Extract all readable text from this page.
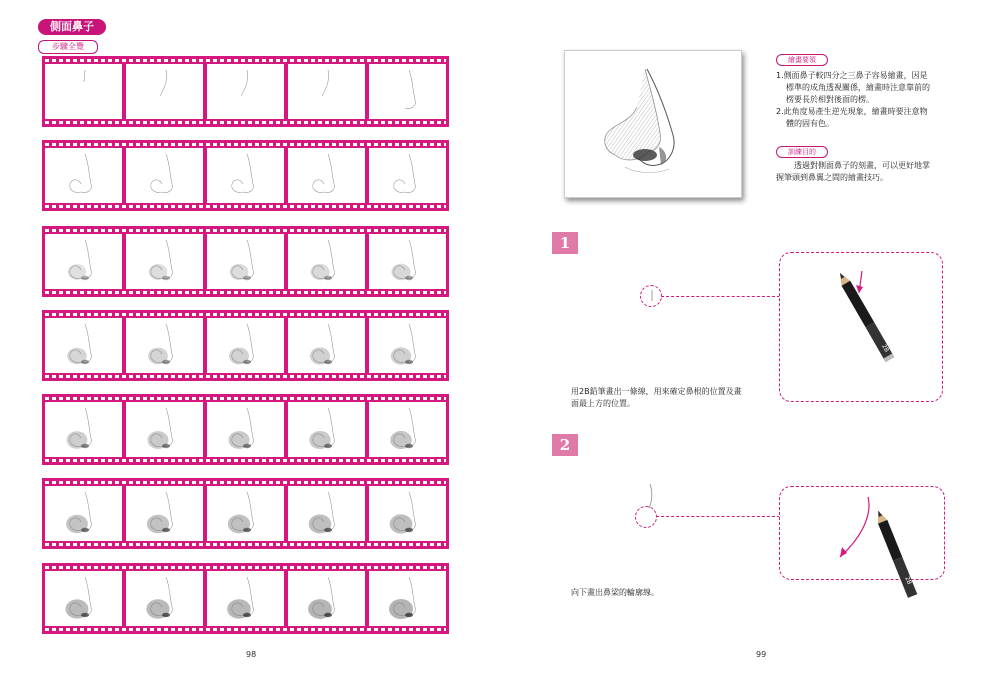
側面鼻子
步驟全覽
98
繪畫要領
1.側面鼻子較四分之三鼻子容易繪畫，因是
標準的成角透視關係，繪畫時注意靠前的
楞要長於相對後面的楞。
2.此角度易產生逆光現象，繪畫時要注意物
體的固有色。
訓練目的
透過對側面鼻子的刻畫，可以更好地掌
握筆頭到鼻翼之間的繪畫技巧。
1
2B
用2B鉛筆畫出一條線，用來確定鼻根的位置及畫
面最上方的位置。
2
2B
向下畫出鼻梁的輪廓線。
99
